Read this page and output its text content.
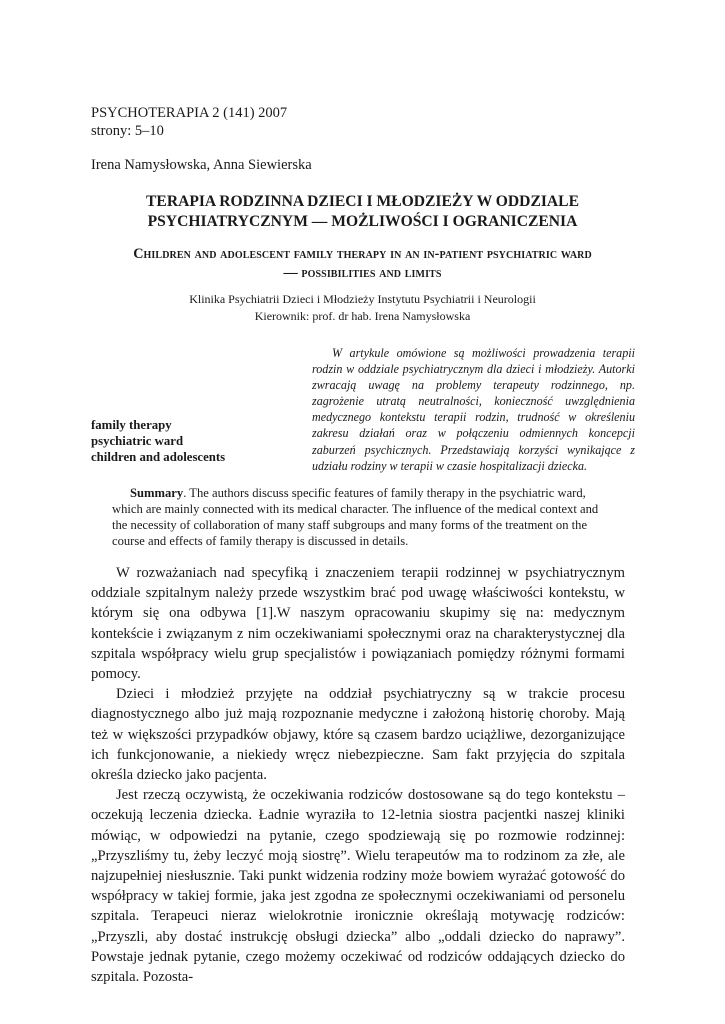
PSYCHOTERAPIA 2 (141) 2007
strony: 5–10
Irena Namysłowska, Anna Siewierska
TERAPIA RODZINNA DZIECI I MŁODZIEŻY W ODDZIALE
PSYCHIATRYCZNYM — MOŻLIWOŚCI I OGRANICZENIA
Children and adolescent family therapy in an in-patient psychiatric ward
— possibilities and limits
Klinika Psychiatrii Dzieci i Młodzieży Instytutu Psychiatrii i Neurologii
Kierownik: prof. dr hab. Irena Namysłowska
W artykule omówione są możliwości prowadzenia terapii rodzin w oddziale psychiatrycznym dla dzieci i młodzieży. Autorki zwracają uwagę na problemy terapeuty rodzinnego, np. zagrożenie utratą neutralności, konieczność uwzględnienia medycznego kontekstu terapii rodzin, trudność w określeniu zakresu działań oraz w połączeniu odmiennych koncepcji zaburzeń psychicznych. Przedstawiają korzyści wynikające z udziału rodziny w terapii w czasie hospitalizacji dziecka.
family therapy
psychiatric ward
children and adolescents
Summary. The authors discuss specific features of family therapy in the psychiatric ward, which are mainly connected with its medical character. The influence of the medical context and the necessity of collaboration of many staff subgroups and many forms of the treatment on the course and effects of family therapy is discussed in details.

W rozważaniach nad specyfiką i znaczeniem terapii rodzinnej w psychiatrycznym oddziale szpitalnym należy przede wszystkim brać pod uwagę właściwości kontekstu, w którym się ona odbywa [1].W naszym opracowaniu skupimy się na: medycznym kontekście i związanym z nim oczekiwaniami społecznymi oraz na charakterystycznej dla szpitala współpracy wielu grup specjalistów i powiązaniach pomiędzy różnymi formami pomocy.

Dzieci i młodzież przyjęte na oddział psychiatryczny są w trakcie procesu diagnostycznego albo już mają rozpoznanie medyczne i założoną historię choroby. Mają też w większości przypadków objawy, które są czasem bardzo uciążliwe, dezorganizujące ich funkcjonowanie, a niekiedy wręcz niebezpieczne. Sam fakt przyjęcia do szpitala określa dziecko jako pacjenta.

Jest rzeczą oczywistą, że oczekiwania rodziców dostosowane są do tego kontekstu – oczekują leczenia dziecka. Ładnie wyraziła to 12-letnia siostra pacjentki naszej kliniki mówiąc, w odpowiedzi na pytanie, czego spodziewają się po rozmowie rodzinnej: „Przyszliśmy tu, żeby leczyć moją siostrę”. Wielu terapeutów ma to rodzinom za złe, ale najzupełniej niesłusznie. Taki punkt widzenia rodziny może bowiem wyrażać gotowość do współpracy w takiej formie, jaka jest zgodna ze społecznymi oczekiwaniami od personelu szpitala. Terapeuci nieraz wielokrotnie ironicznie określają motywację rodziców: „Przyszli, aby dostać instrukcję obsługi dziecka” albo „oddali dziecko do naprawy”. Powstaje jednak pytanie, czego możemy oczekiwać od rodziców oddających dziecko do szpitala. Pozosta-
